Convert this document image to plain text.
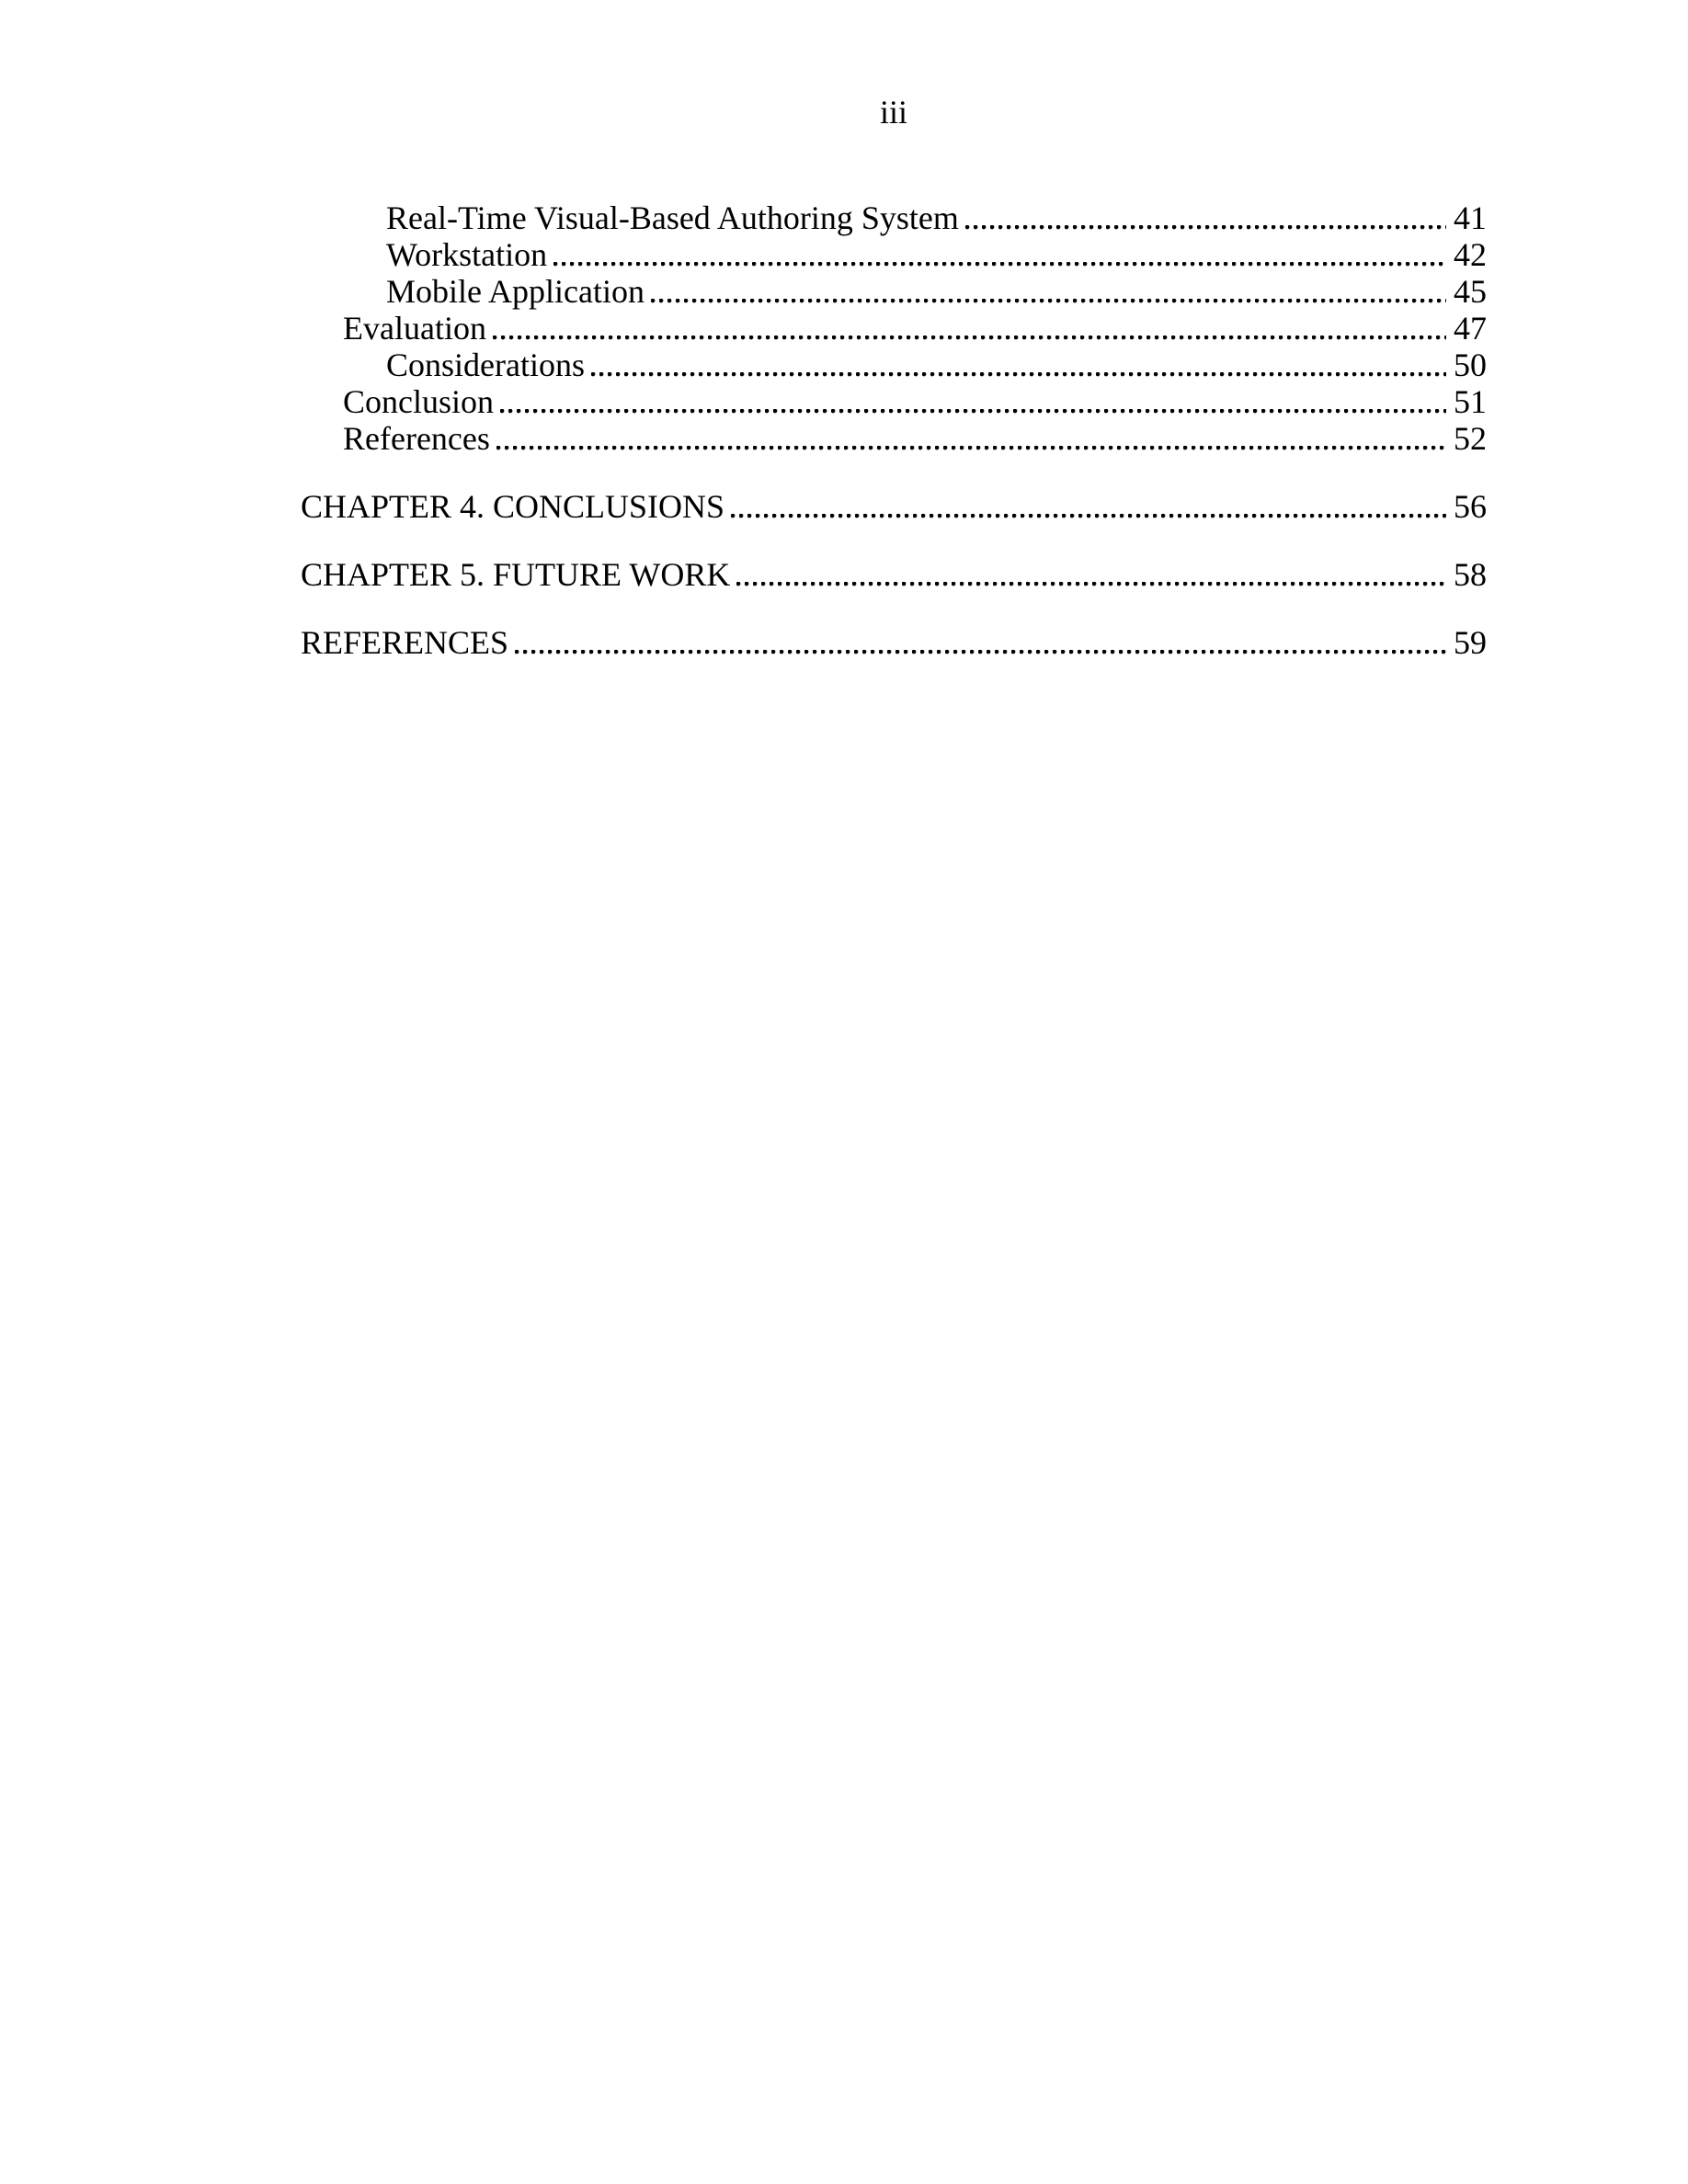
iii
Real-Time Visual-Based Authoring System	41
Workstation	42
Mobile Application	45
Evaluation	47
Considerations	50
Conclusion	51
References	52
CHAPTER 4. CONCLUSIONS	56
CHAPTER 5. FUTURE WORK	58
REFERENCES	59
